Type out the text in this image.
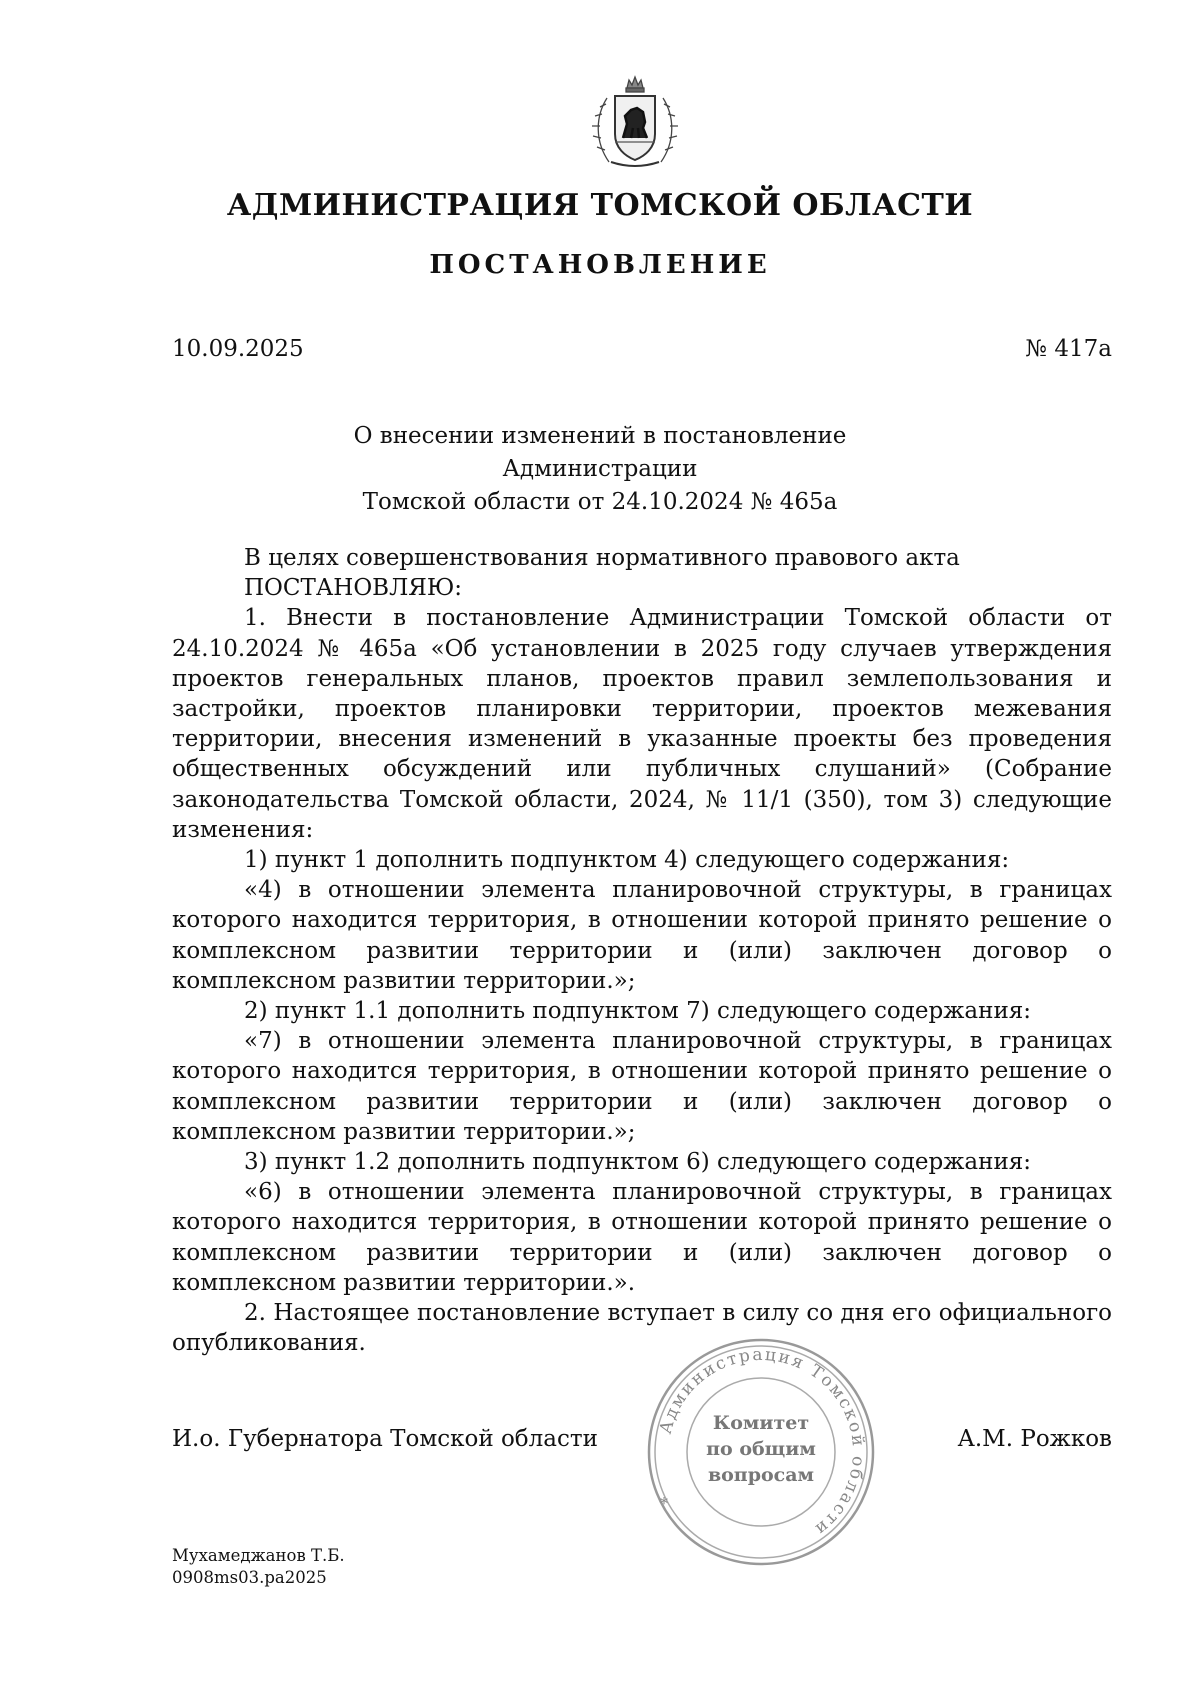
АДМИНИСТРАЦИЯ ТОМСКОЙ ОБЛАСТИ
ПОСТАНОВЛЕНИЕ
10.09.2025	№ 417а
О внесении изменений в постановление Администрации
Томской области от 24.10.2024 № 465а

В целях совершенствования нормативного правового акта

ПОСТАНОВЛЯЮ:

1. Внести в постановление Администрации Томской области от 24.10.2024 № 465а «Об установлении в 2025 году случаев утверждения проектов генеральных планов, проектов правил землепользования и застройки, проектов планировки территории, проектов межевания территории, внесения изменений в указанные проекты без проведения общественных обсуждений или публичных слушаний» (Собрание законодательства Томской области, 2024, № 11/1 (350), том 3) следующие изменения:

1) пункт 1 дополнить подпунктом 4) следующего содержания:

«4) в отношении элемента планировочной структуры, в границах которого находится территория, в отношении которой принято решение о комплексном развитии территории и (или) заключен договор о комплексном развитии территории.»;

2) пункт 1.1 дополнить подпунктом 7) следующего содержания:

«7) в отношении элемента планировочной структуры, в границах которого находится территория, в отношении которой принято решение о комплексном развитии территории и (или) заключен договор о комплексном развитии территории.»;

3) пункт 1.2 дополнить подпунктом 6) следующего содержания:

«6) в отношении элемента планировочной структуры, в границах которого находится территория, в отношении которой принято решение о комплексном развитии территории и (или) заключен договор о комплексном развитии территории.».

2. Настоящее постановление вступает в силу со дня его официального опубликования.

Администрация Томской области
*
Комитет
по общим
вопросам
И.о. Губернатора Томской области	А.М. Рожков
Мухамеджанов Т.Б.
0908ms03.pa2025
